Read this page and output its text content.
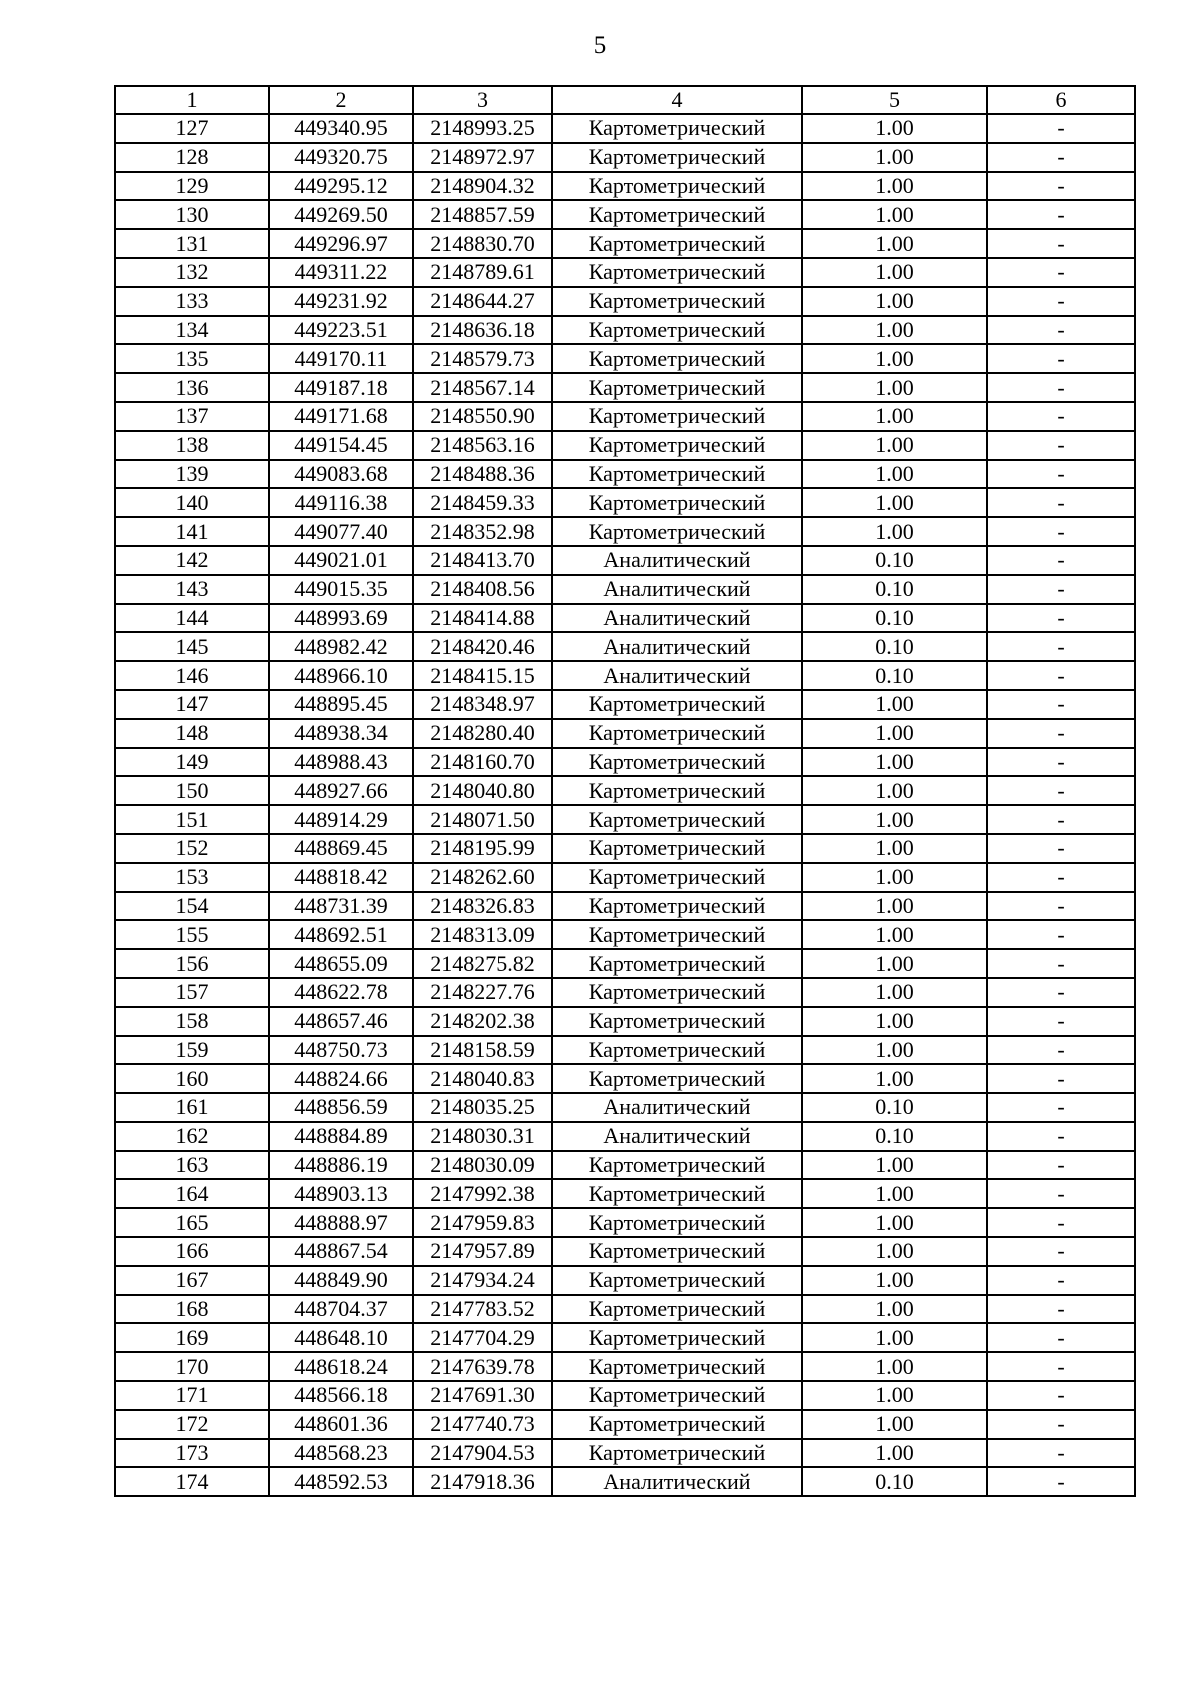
5
1	2	3	4	5	6
127	449340.95	2148993.25	Картометрический	1.00	-
128	449320.75	2148972.97	Картометрический	1.00	-
129	449295.12	2148904.32	Картометрический	1.00	-
130	449269.50	2148857.59	Картометрический	1.00	-
131	449296.97	2148830.70	Картометрический	1.00	-
132	449311.22	2148789.61	Картометрический	1.00	-
133	449231.92	2148644.27	Картометрический	1.00	-
134	449223.51	2148636.18	Картометрический	1.00	-
135	449170.11	2148579.73	Картометрический	1.00	-
136	449187.18	2148567.14	Картометрический	1.00	-
137	449171.68	2148550.90	Картометрический	1.00	-
138	449154.45	2148563.16	Картометрический	1.00	-
139	449083.68	2148488.36	Картометрический	1.00	-
140	449116.38	2148459.33	Картометрический	1.00	-
141	449077.40	2148352.98	Картометрический	1.00	-
142	449021.01	2148413.70	Аналитический	0.10	-
143	449015.35	2148408.56	Аналитический	0.10	-
144	448993.69	2148414.88	Аналитический	0.10	-
145	448982.42	2148420.46	Аналитический	0.10	-
146	448966.10	2148415.15	Аналитический	0.10	-
147	448895.45	2148348.97	Картометрический	1.00	-
148	448938.34	2148280.40	Картометрический	1.00	-
149	448988.43	2148160.70	Картометрический	1.00	-
150	448927.66	2148040.80	Картометрический	1.00	-
151	448914.29	2148071.50	Картометрический	1.00	-
152	448869.45	2148195.99	Картометрический	1.00	-
153	448818.42	2148262.60	Картометрический	1.00	-
154	448731.39	2148326.83	Картометрический	1.00	-
155	448692.51	2148313.09	Картометрический	1.00	-
156	448655.09	2148275.82	Картометрический	1.00	-
157	448622.78	2148227.76	Картометрический	1.00	-
158	448657.46	2148202.38	Картометрический	1.00	-
159	448750.73	2148158.59	Картометрический	1.00	-
160	448824.66	2148040.83	Картометрический	1.00	-
161	448856.59	2148035.25	Аналитический	0.10	-
162	448884.89	2148030.31	Аналитический	0.10	-
163	448886.19	2148030.09	Картометрический	1.00	-
164	448903.13	2147992.38	Картометрический	1.00	-
165	448888.97	2147959.83	Картометрический	1.00	-
166	448867.54	2147957.89	Картометрический	1.00	-
167	448849.90	2147934.24	Картометрический	1.00	-
168	448704.37	2147783.52	Картометрический	1.00	-
169	448648.10	2147704.29	Картометрический	1.00	-
170	448618.24	2147639.78	Картометрический	1.00	-
171	448566.18	2147691.30	Картометрический	1.00	-
172	448601.36	2147740.73	Картометрический	1.00	-
173	448568.23	2147904.53	Картометрический	1.00	-
174	448592.53	2147918.36	Аналитический	0.10	-
